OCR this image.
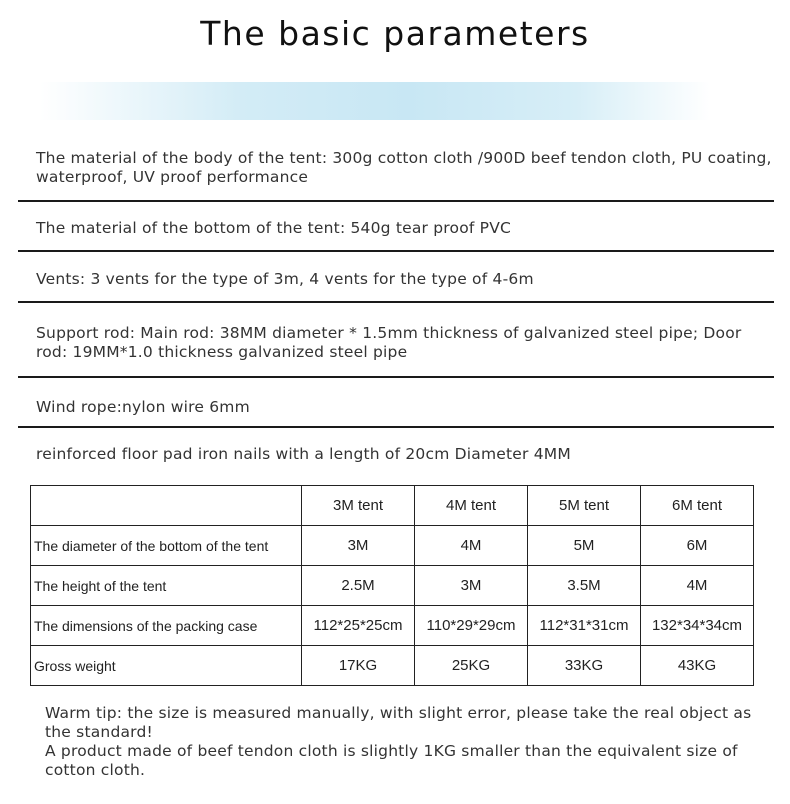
The basic parameters
The material of the body of the tent: 300g cotton cloth /900D beef tendon cloth, PU coating, waterproof, UV proof performance
The material of the bottom of the tent: 540g tear proof PVC
Vents: 3 vents for the type of 3m, 4 vents for the type of 4-6m
Support rod: Main rod: 38MM diameter * 1.5mm thickness of galvanized steel pipe; Door rod: 19MM*1.0 thickness galvanized steel pipe
Wind rope:nylon wire 6mm
reinforced floor pad iron nails with a length of 20cm Diameter 4MM
	3M tent	4M tent	5M tent	6M tent
The diameter of the bottom of the tent	3M	4M	5M	6M
The height of the tent	2.5M	3M	3.5M	4M
The dimensions of the packing case	112*25*25cm	110*29*29cm	112*31*31cm	132*34*34cm
Gross weight	17KG	25KG	33KG	43KG
Warm tip: the size is measured manually, with slight error, please take the real object as the standard!
A product made of beef tendon cloth is slightly 1KG smaller than the equivalent size of cotton cloth.
